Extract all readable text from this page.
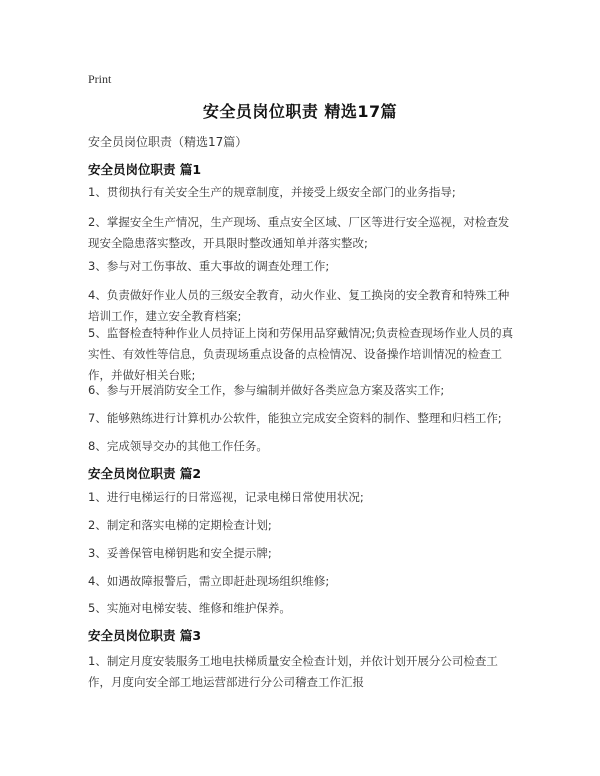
Print
安全员岗位职责 精选17篇
安全员岗位职责（精选17篇）
安全员岗位职责 篇1
1、贯彻执行有关安全生产的规章制度，并接受上级安全部门的业务指导;
2、掌握安全生产情况，生产现场、重点安全区域、厂区等进行安全巡视，对检查发现安全隐患落实整改，开具限时整改通知单并落实整改;
3、参与对工伤事故、重大事故的调查处理工作;
4、负责做好作业人员的三级安全教育，动火作业、复工换岗的安全教育和特殊工种培训工作，建立安全教育档案;
5、监督检查特种作业人员持证上岗和劳保用品穿戴情况;负责检查现场作业人员的真实性、有效性等信息，负责现场重点设备的点检情况、设备操作培训情况的检查工作，并做好相关台账;
6、参与开展消防安全工作，参与编制并做好各类应急方案及落实工作;
7、能够熟练进行计算机办公软件，能独立完成安全资料的制作、整理和归档工作;
8、完成领导交办的其他工作任务。
安全员岗位职责 篇2
1、进行电梯运行的日常巡视，记录电梯日常使用状况;
2、制定和落实电梯的定期检查计划;
3、妥善保管电梯钥匙和安全提示牌;
4、如遇故障报警后，需立即赶赴现场组织维修;
5、实施对电梯安装、维修和维护保养。
安全员岗位职责 篇3
1、制定月度安装服务工地电扶梯质量安全检查计划，并依计划开展分公司检查工作，月度向安全部工地运营部进行分公司稽查工作汇报
